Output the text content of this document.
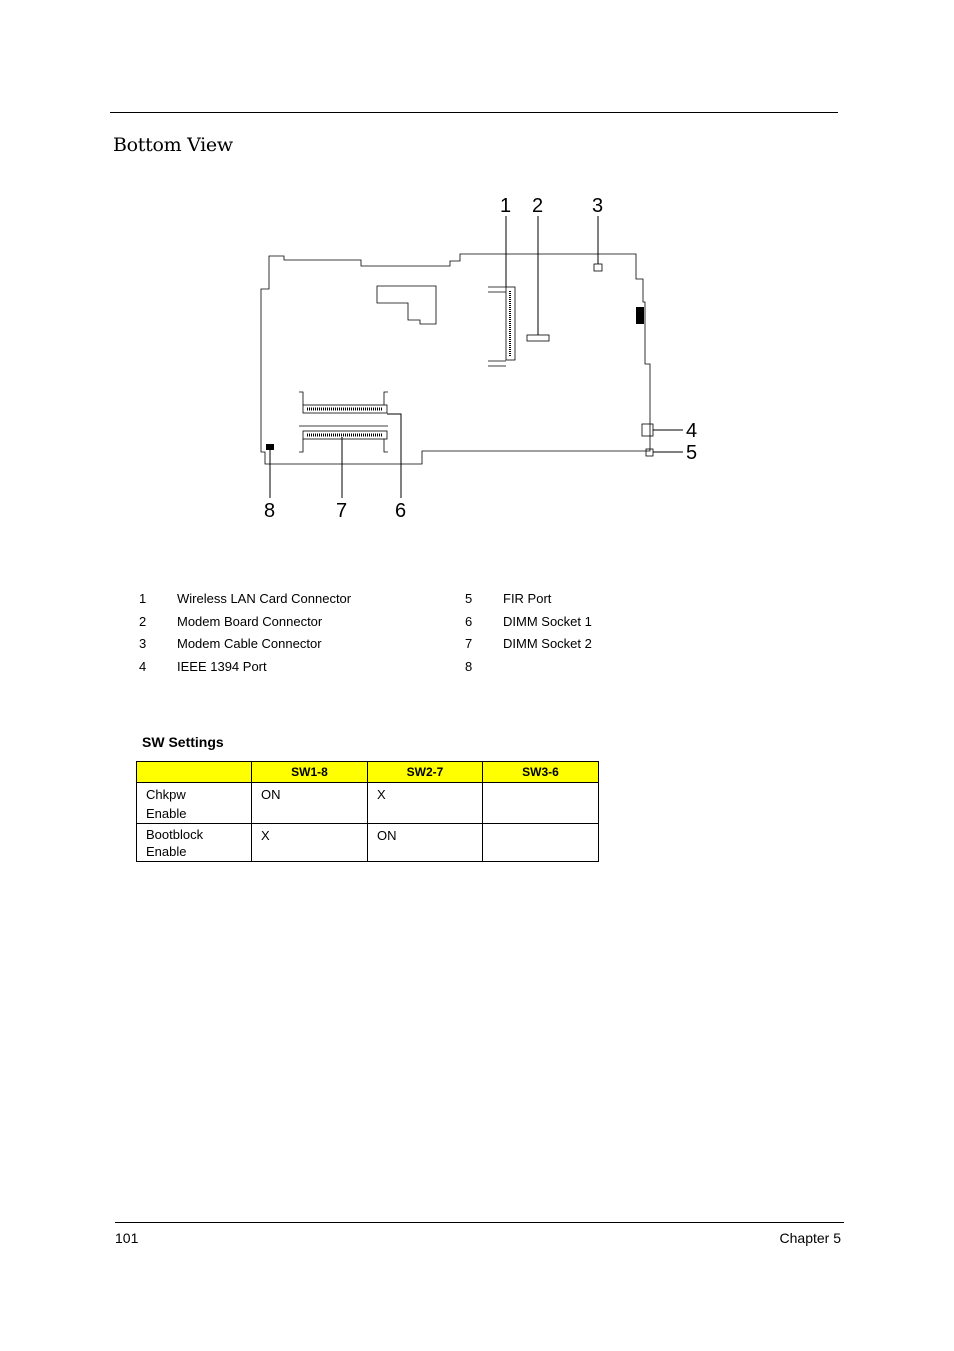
Bottom View
1 2 3
4
5
6
7
8
1	Wireless LAN Card Connector
2	Modem Board Connector
3	Modem Cable Connector
4	IEEE 1394 Port
5	FIR Port
6	DIMM Socket 1
7	DIMM Socket 2
8
SW Settings
	SW1-8	SW2-7	SW3-6

Chkpw
Enable	ON	X	

Bootblock
Enable	X	ON	

101	Chapter 5
